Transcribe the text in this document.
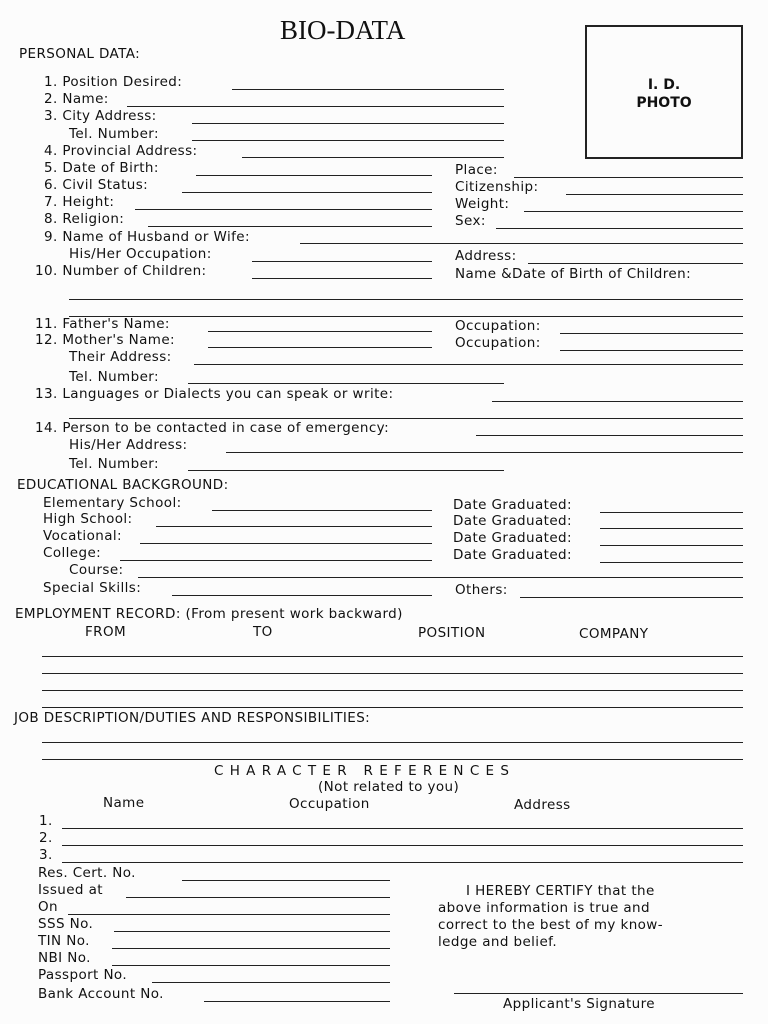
BIO-DATA
I. D.
PHOTO
PERSONAL DATA:
1. Position Desired:
2. Name:
3. City Address:
Tel. Number:
4. Provincial Address:
5. Date of Birth:	Place:
6. Civil Status:	Citizenship:
7. Height:	Weight:
8. Religion:	Sex:
9. Name of Husband or Wife:
His/Her Occupation:	Address:
10. Number of Children:	Name &Date of Birth of Children:
11. Father's Name:	Occupation:
12. Mother's Name:	Occupation:
Their Address:
Tel. Number:
13. Languages or Dialects you can speak or write:
14. Person to be contacted in case of emergency:
His/Her Address:
Tel. Number:
EDUCATIONAL BACKGROUND:
Elementary School:	Date Graduated:
High School:	Date Graduated:
Vocational:	Date Graduated:
College:	Date Graduated:
Course:
Special Skills:	Others:
EMPLOYMENT RECORD: (From present work backward)
FROM	TO	POSITION	COMPANY
JOB DESCRIPTION/DUTIES AND RESPONSIBILITIES:
CHARACTER REFERENCES
(Not related to you)
Name	Occupation	Address
1.
2.
3.
Res. Cert. No.
Issued at
On
SSS No.
TIN No.
NBI No.
Passport No.
Bank Account No.
I HEREBY CERTIFY that the
above information is true and
correct to the best of my know-
ledge and belief.
Applicant's Signature
